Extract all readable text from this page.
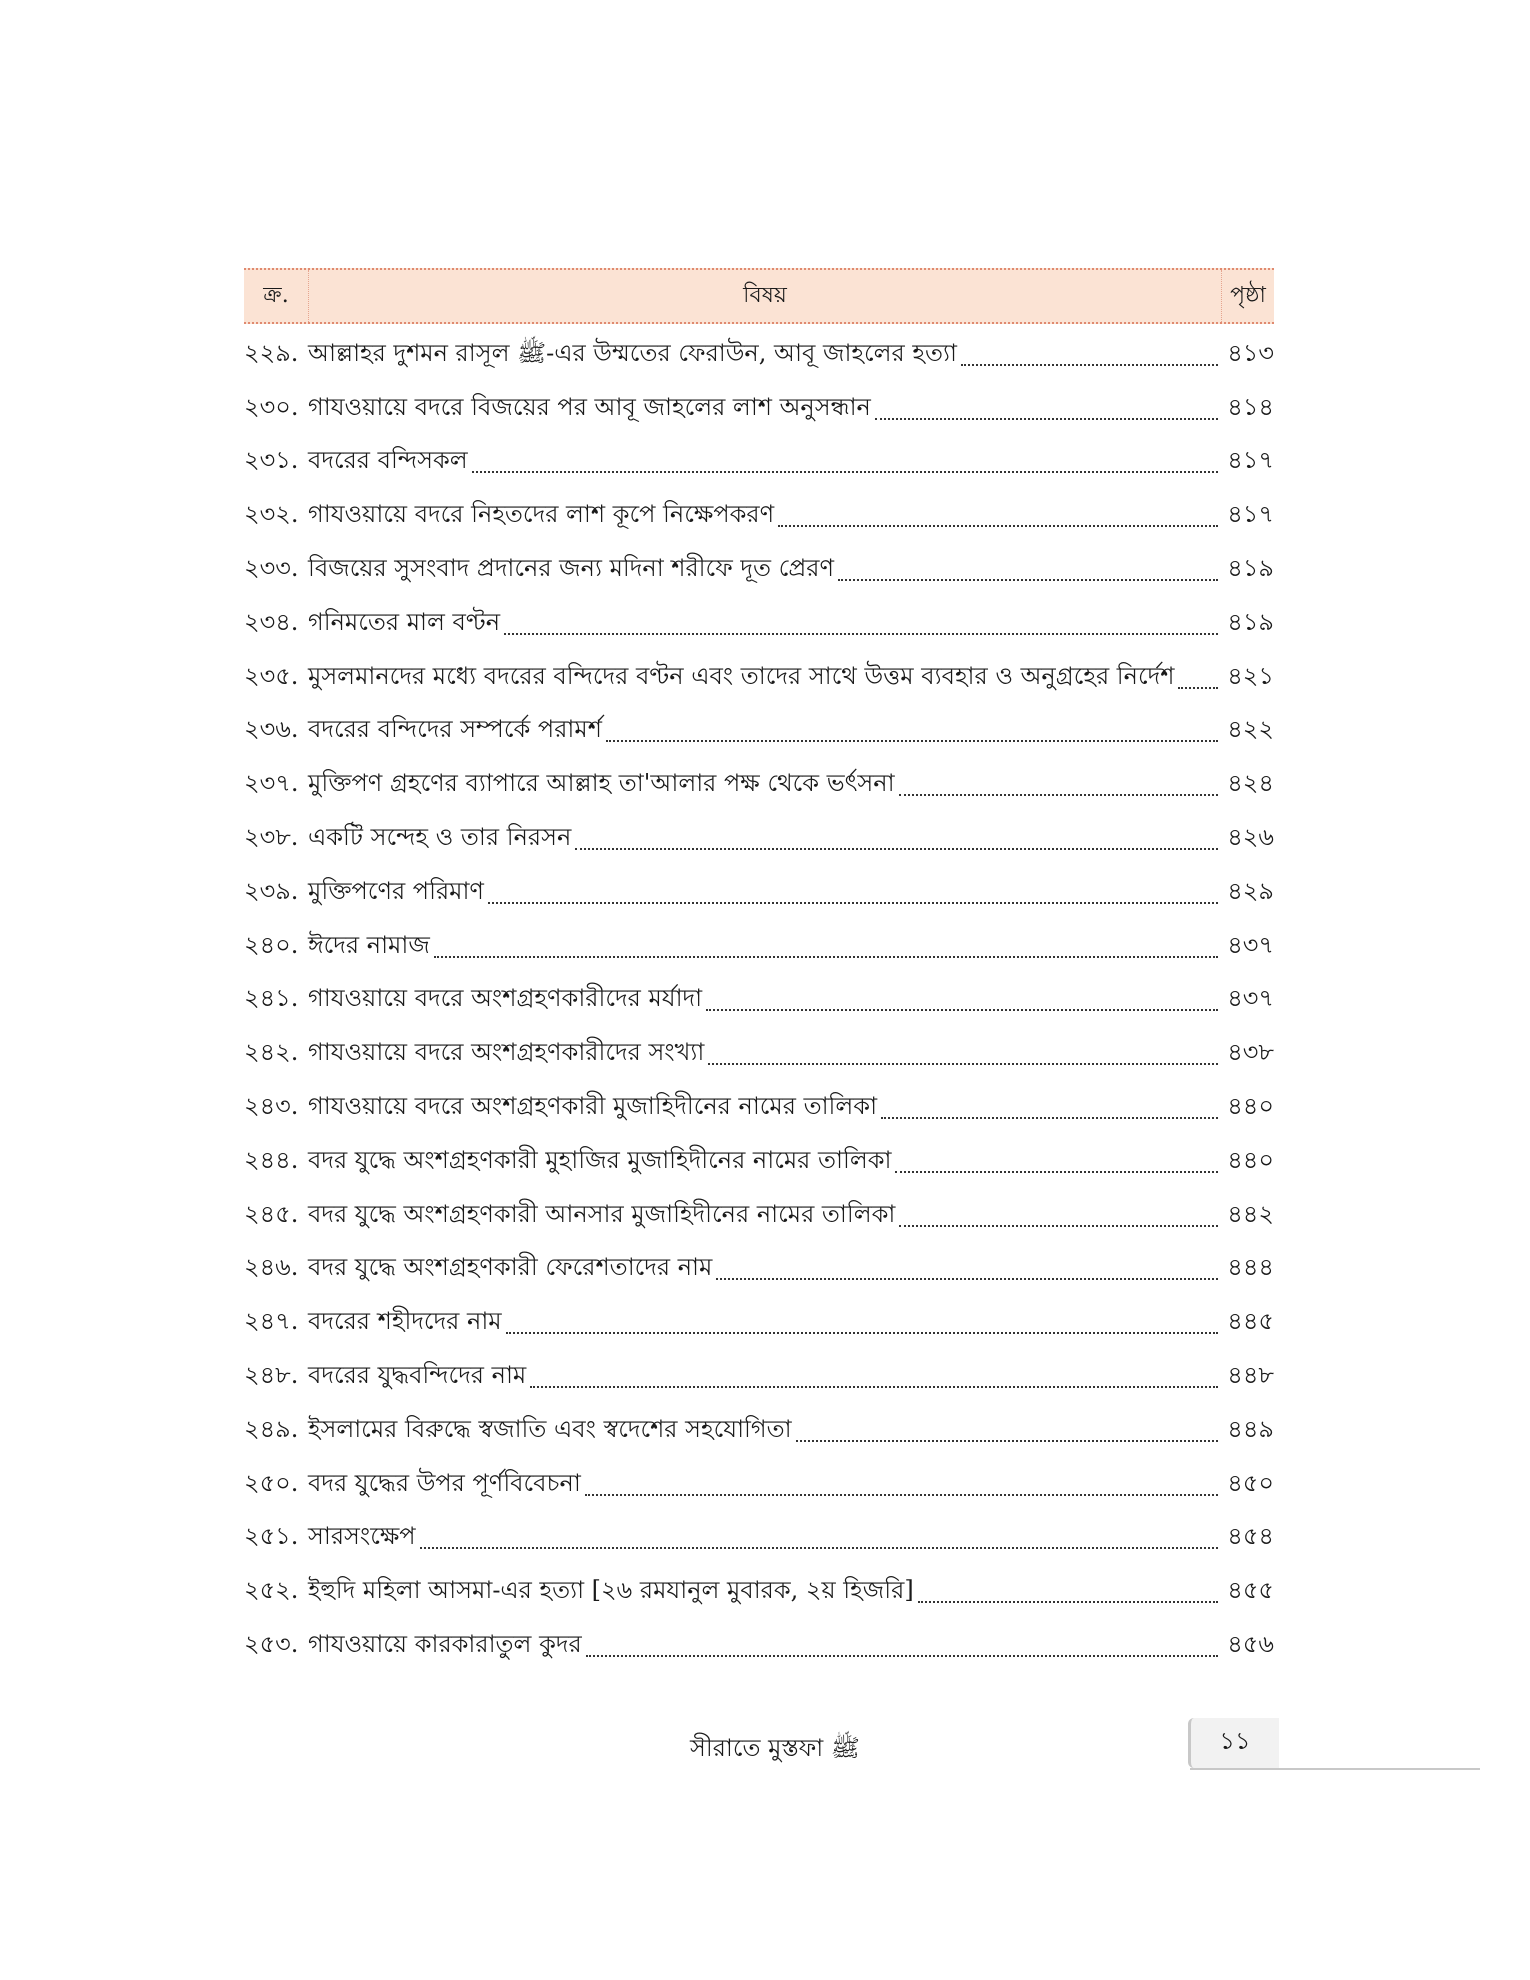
ক্র.	বিষয়	পৃষ্ঠা
২২৯. আল্লাহর দুশমন রাসূল ﷺ-এর উম্মতের ফেরাউন, আবূ জাহলের হত্যা	৪১৩
২৩০. গাযওয়ায়ে বদরে বিজয়ের পর আবূ জাহলের লাশ অনুসন্ধান	৪১৪
২৩১. বদরের বন্দিসকল	৪১৭
২৩২. গাযওয়ায়ে বদরে নিহতদের লাশ কূপে নিক্ষেপকরণ	৪১৭
২৩৩. বিজয়ের সুসংবাদ প্রদানের জন্য মদিনা শরীফে দূত প্রেরণ	৪১৯
২৩৪. গনিমতের মাল বণ্টন	৪১৯
২৩৫. মুসলমানদের মধ্যে বদরের বন্দিদের বণ্টন এবং তাদের সাথে উত্তম ব্যবহার ও অনুগ্রহের নির্দেশ ৪২১
২৩৬. বদরের বন্দিদের সম্পর্কে পরামর্শ	৪২২
২৩৭. মুক্তিপণ গ্রহণের ব্যাপারে আল্লাহ তা'আলার পক্ষ থেকে ভর্ৎসনা	৪২৪
২৩৮. একটি সন্দেহ ও তার নিরসন	৪২৬
২৩৯. মুক্তিপণের পরিমাণ	৪২৯
২৪০. ঈদের নামাজ	৪৩৭
২৪১. গাযওয়ায়ে বদরে অংশগ্রহণকারীদের মর্যাদা	৪৩৭
২৪২. গাযওয়ায়ে বদরে অংশগ্রহণকারীদের সংখ্যা	৪৩৮
২৪৩. গাযওয়ায়ে বদরে অংশগ্রহণকারী মুজাহিদীনের নামের তালিকা	৪৪০
২৪৪. বদর যুদ্ধে অংশগ্রহণকারী মুহাজির মুজাহিদীনের নামের তালিকা	৪৪০
২৪৫. বদর যুদ্ধে অংশগ্রহণকারী আনসার মুজাহিদীনের নামের তালিকা	৪৪২
২৪৬. বদর যুদ্ধে অংশগ্রহণকারী ফেরেশতাদের নাম	৪৪৪
২৪৭. বদরের শহীদদের নাম	৪৪৫
২৪৮. বদরের যুদ্ধবন্দিদের নাম	৪৪৮
২৪৯. ইসলামের বিরুদ্ধে স্বজাতি এবং স্বদেশের সহযোগিতা	৪৪৯
২৫০. বদর যুদ্ধের উপর পূর্ণবিবেচনা	৪৫০
২৫১. সারসংক্ষেপ	৪৫৪
২৫২. ইহুদি মহিলা আসমা-এর হত্যা [২৬ রমযানুল মুবারক, ২য় হিজরি]	৪৫৫
২৫৩. গাযওয়ায়ে কারকারাতুল কুদর	৪৫৬
সীরাতে মুস্তফা ﷺ	১১
